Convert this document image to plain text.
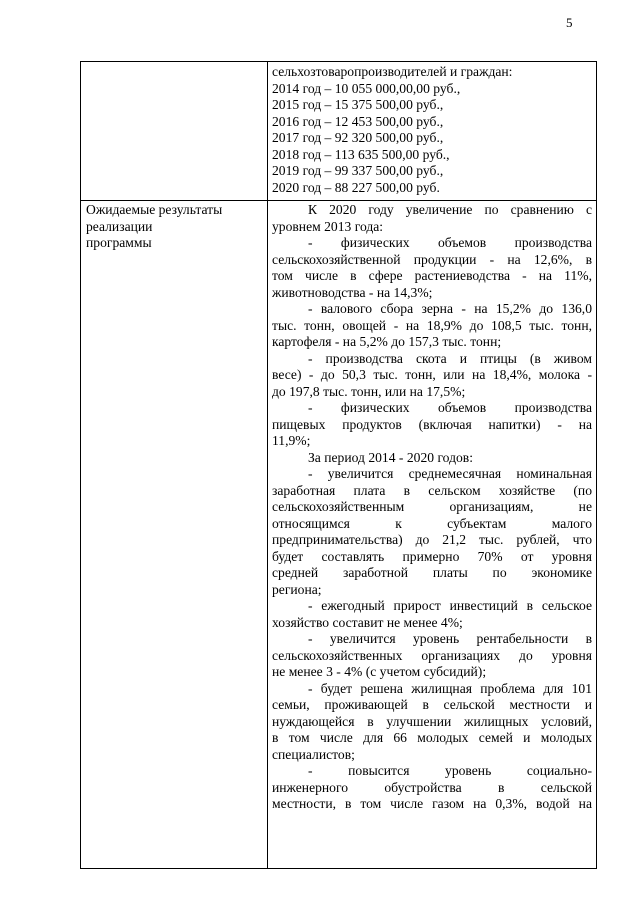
5
сельхозтоваропроизводителей и граждан:
2014 год – 10 055 000,00,00 руб.,
2015 год – 15 375 500,00 руб.,
2016 год – 12 453 500,00 руб.,
2017 год – 92 320 500,00 руб.,
2018 год – 113 635 500,00 руб.,
2019 год – 99 337 500,00 руб.,
2020 год – 88 227 500,00 руб.
Ожидаемые результаты
реализации
программы
К 2020 году увеличение по сравнению с
уровнем 2013 года:
- физических объемов производства
сельскохозяйственной продукции - на 12,6%, в
том числе в сфере растениеводства - на 11%,
животноводства - на 14,3%;
- валового сбора зерна - на 15,2% до 136,0
тыс. тонн, овощей - на 18,9% до 108,5 тыс. тонн,
картофеля - на 5,2% до 157,3 тыс. тонн;
- производства скота и птицы (в живом
весе) - до 50,3 тыс. тонн, или на 18,4%, молока -
до 197,8 тыс. тонн, или на 17,5%;
- физических объемов производства
пищевых продуктов (включая напитки) - на
11,9%;
За период 2014 - 2020 годов:
- увеличится среднемесячная номинальная
заработная плата в сельском хозяйстве (по
сельскохозяйственным организациям, не
относящимся к субъектам малого
предпринимательства) до 21,2 тыс. рублей, что
будет составлять примерно 70% от уровня
средней заработной платы по экономике
региона;
- ежегодный прирост инвестиций в сельское
хозяйство составит не менее 4%;
- увеличится уровень рентабельности в
сельскохозяйственных организациях до уровня
не менее 3 - 4% (с учетом субсидий);
- будет решена жилищная проблема для 101
семьи, проживающей в сельской местности и
нуждающейся в улучшении жилищных условий,
в том числе для 66 молодых семей и молодых
специалистов;
- повысится уровень социально-
инженерного обустройства в сельской
местности, в том числе газом на 0,3%, водой на
